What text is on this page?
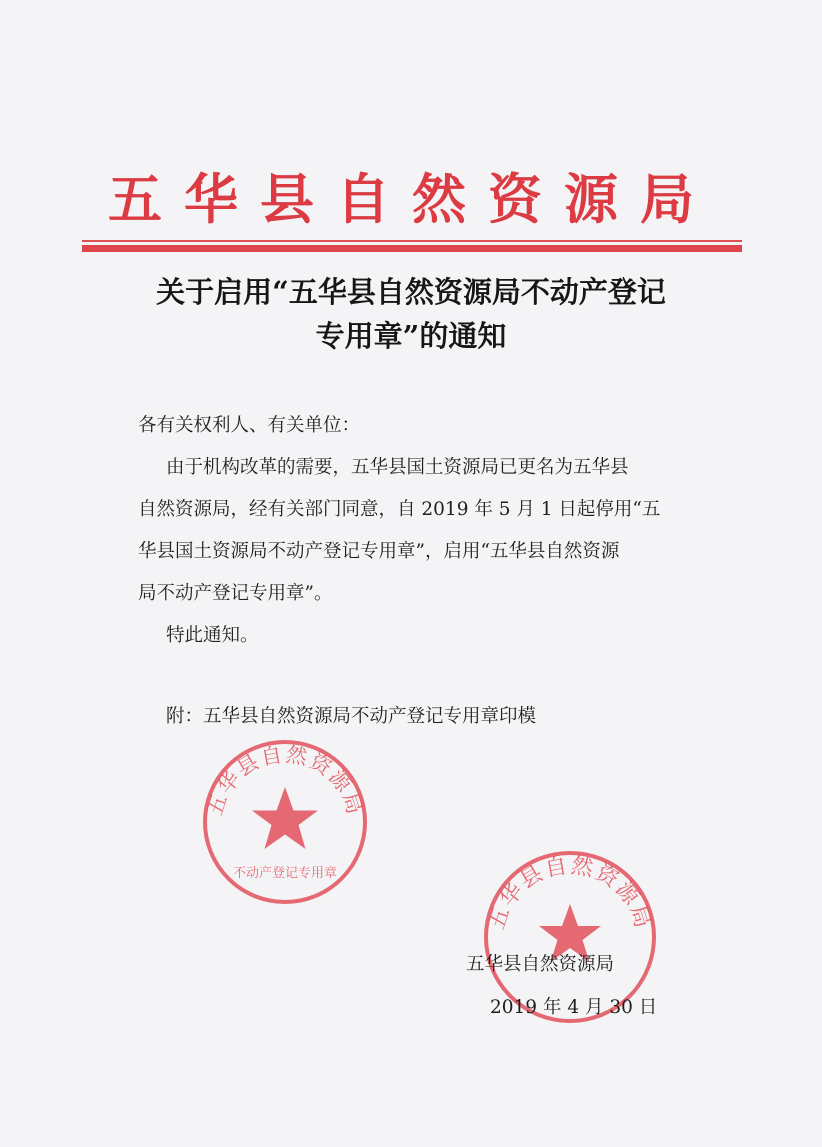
五华县自然资源局
关于启用“五华县自然资源局不动产登记
专用章”的通知
各有关权利人、有关单位：
由于机构改革的需要，五华县国土资源局已更名为五华县
自然资源局，经有关部门同意，自 2019 年 5 月 1 日起停用“五
华县国土资源局不动产登记专用章”，启用“五华县自然资源
局不动产登记专用章”。
特此通知。
附：五华县自然资源局不动产登记专用章印模
五华县自然资源局
不动产登记专用章
五华县自然资源局
五华县自然资源局
2019 年 4 月 30 日
